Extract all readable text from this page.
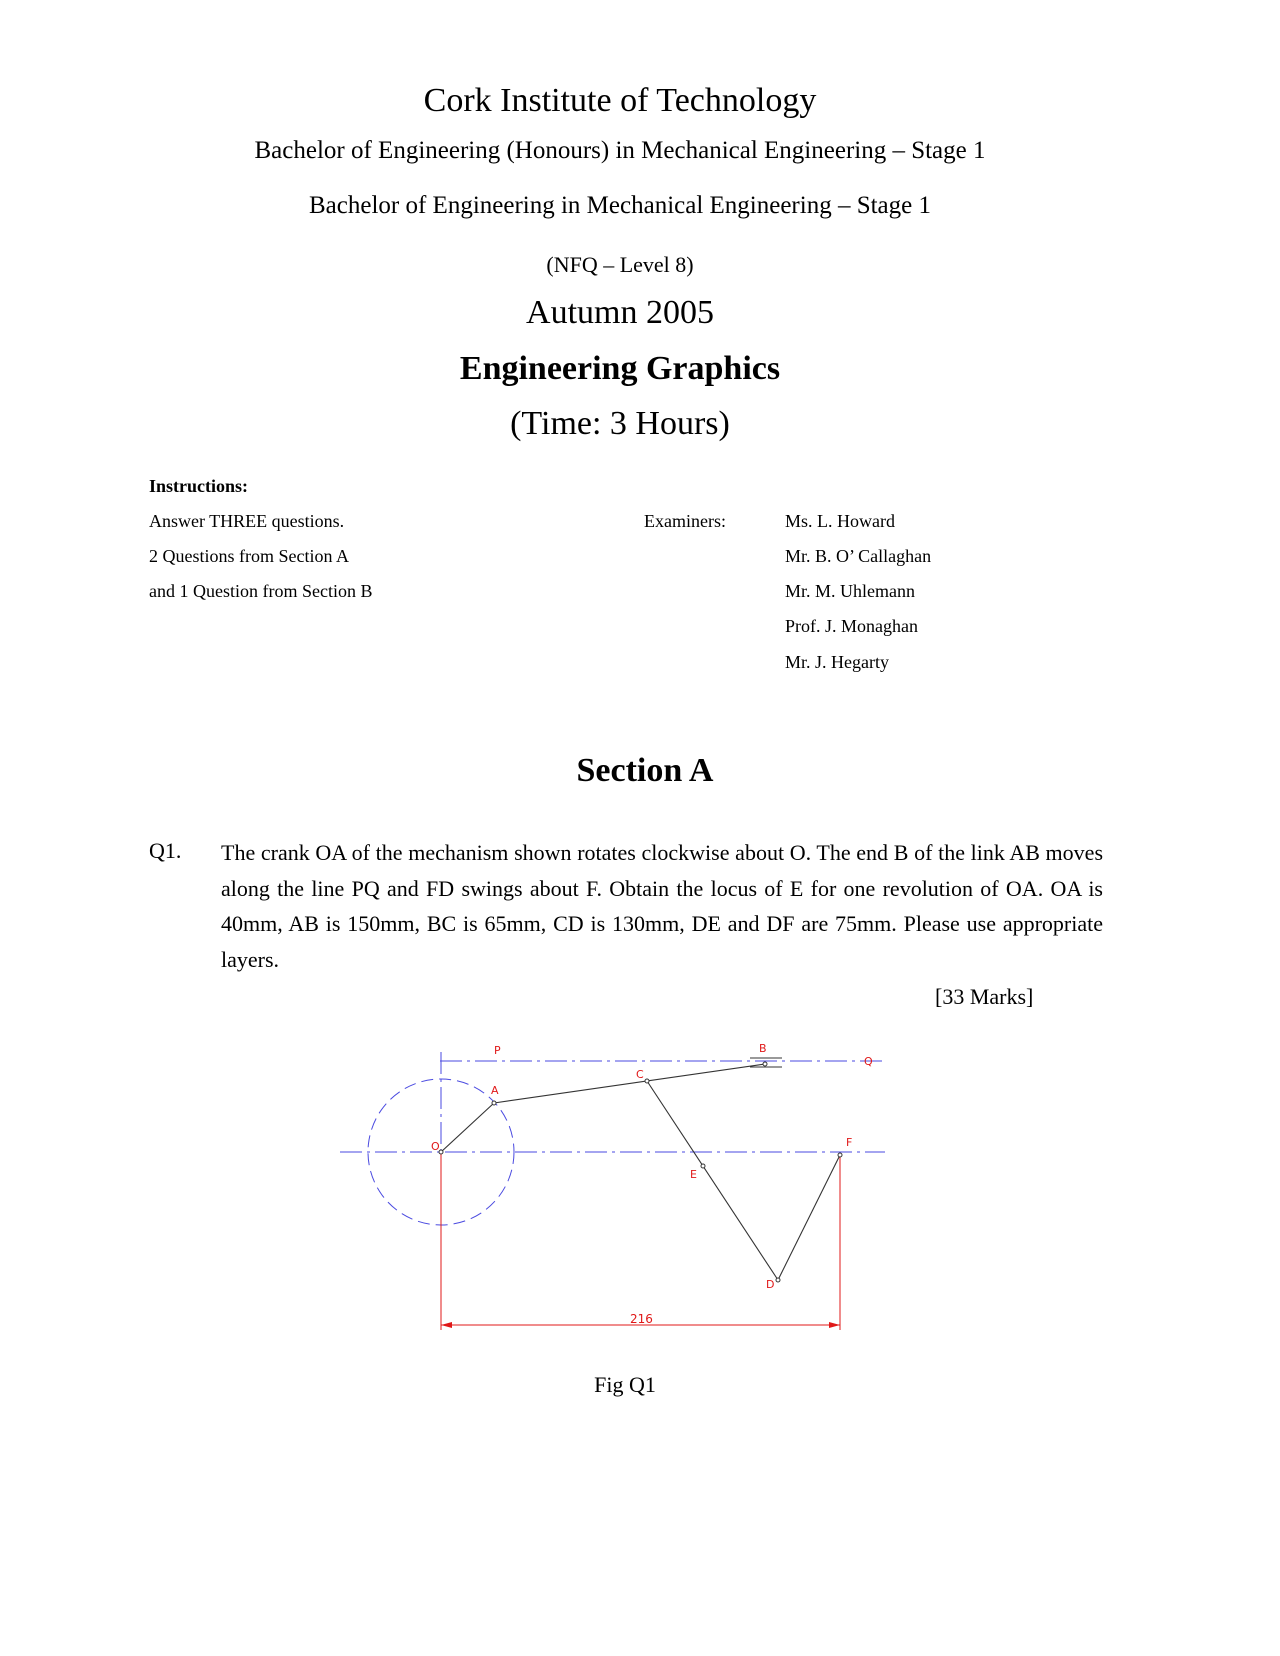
Cork Institute of Technology
Bachelor of Engineering (Honours) in Mechanical Engineering – Stage 1
Bachelor of Engineering in Mechanical Engineering – Stage 1
(NFQ – Level 8)
Autumn 2005
Engineering Graphics
(Time: 3 Hours)
Instructions:
Answer THREE questions.
2 Questions from Section A
and 1 Question from Section B
Examiners:	Ms. L. Howard
Mr. B. O’ Callaghan
Mr. M. Uhlemann
Prof. J. Monaghan
Mr. J. Hegarty
Section A
Q1. The crank OA of the mechanism shown rotates clockwise about O. The end B of the link AB moves along the line PQ and FD swings about F. Obtain the locus of E for one revolution of OA. OA is 40mm, AB is 150mm, BC is 65mm, CD is 130mm, DE and DF are 75mm. Please use appropriate layers.
[33 Marks]
P
Q
A
B
C
O
E
F
D
216
Fig Q1
